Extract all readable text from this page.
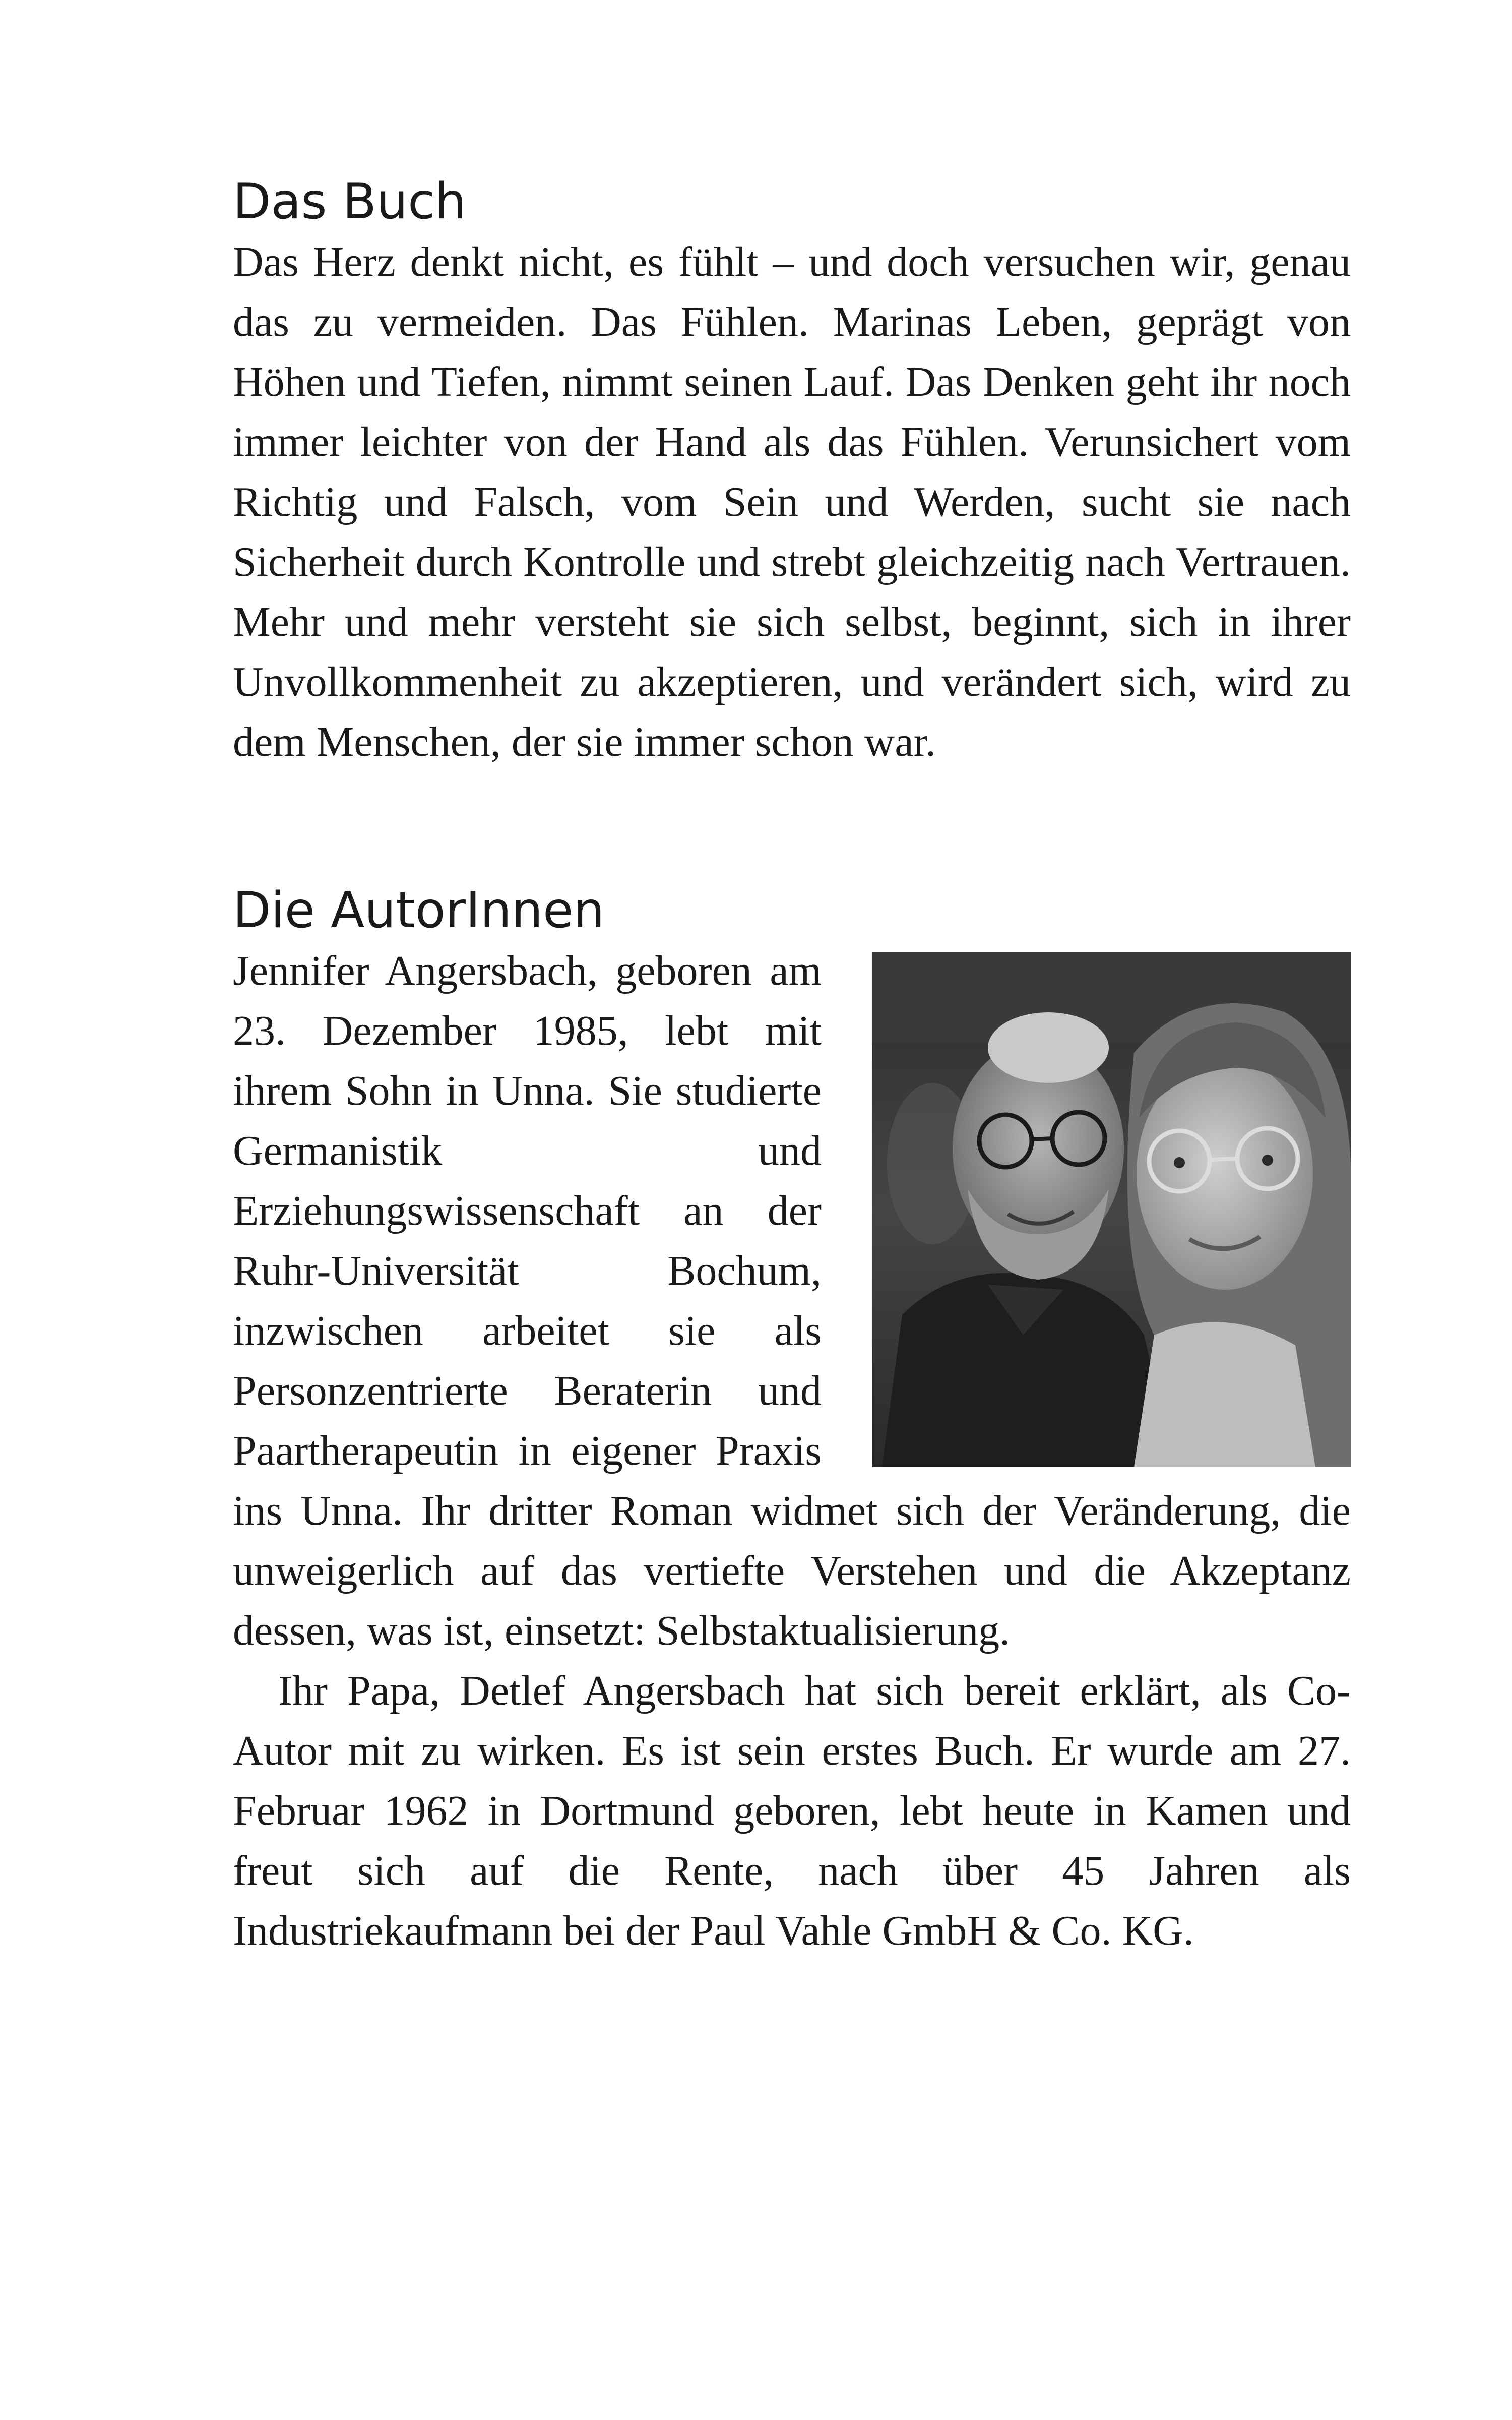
Das Buch

Das Herz denkt nicht, es fühlt – und doch versuchen wir, genau das zu vermeiden. Das Fühlen. Marinas Leben, geprägt von Höhen und Tiefen, nimmt seinen Lauf. Das Denken geht ihr noch immer leichter von der Hand als das Fühlen. Verunsichert vom Richtig und Falsch, vom Sein und Werden, sucht sie nach Sicherheit durch Kontrolle und strebt gleichzeitig nach Vertrauen. Mehr und mehr versteht sie sich selbst, beginnt, sich in ihrer Unvollkommenheit zu akzeptieren, und verändert sich, wird zu dem Menschen, der sie immer schon war.

Die AutorInnen

Jennifer Angersbach, geboren am 23. Dezember 1985, lebt mit ihrem Sohn in Unna. Sie studierte Germanistik und Erziehungswissenschaft an der Ruhr-Universität Bochum, inzwischen arbeitet sie als Personzentrierte Beraterin und Paartherapeutin in eigener Praxis ins Unna. Ihr dritter Roman widmet sich der Veränderung, die unweigerlich auf das vertiefte Verstehen und die Akzeptanz dessen, was ist, einsetzt: Selbstaktualisierung.

Ihr Papa, Detlef Angersbach hat sich bereit erklärt, als Co-Autor mit zu wirken. Es ist sein erstes Buch. Er wurde am 27. Februar 1962 in Dortmund geboren, lebt heute in Kamen und freut sich auf die Rente, nach über 45 Jahren als Industriekaufmann bei der Paul Vahle GmbH & Co. KG.
